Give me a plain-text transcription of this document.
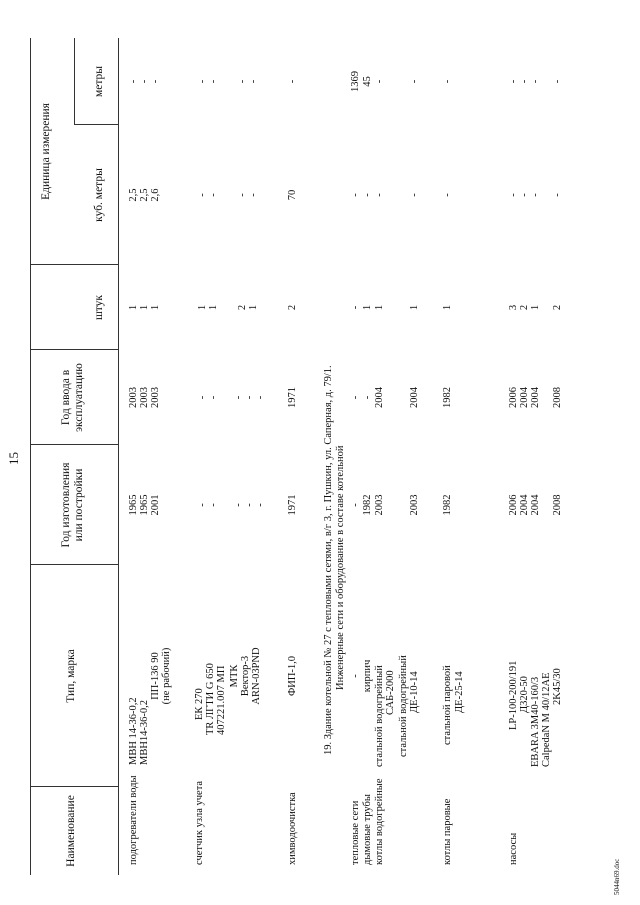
15
Наименование
Тип, марка
Год изготовления или постройки
Год ввода в эксплуатацию
Единица измерения
штук
куб. метры
метры
подогреватели воды
МВН 14-36-0,2 МВН14-36-0,2
ПП-136 90 (не рабочий)
1965 1965 2001
2003 2003 2003
1 1 1
2,5 2,5 2,6
- - -
счетчик узла учета
ЕК 270 TR ЛГТИ G 650 407221.007 МП МТК Вектор-3 ARN-03PND
- - - - -
- - - - -
1 1 2 1
- - - -
- - - -
химводоочистка
ФИП-1,0
1971
1971
2
70
-
19. Здание котельной № 27 с тепловыми сетями, в/г 3, г. Пушкин, ул. Саперная, д. 79/1. Инженерные сети и оборудование в составе котельной
тепловые сети
-
-
-
-
-
1369
дымовые трубы
кирпич
1982
-
1
-
45
котлы водогрейные
стальной водогрейный САБ-2000 стальной водогрейный ДЕ-10-14
2003
2004
1
-
-
2003
2004
1
-
-
котлы паровые
стальной паровой ДЕ-25-14
1982
1982
1
-
-
насосы
LP-100-200/191 Д320-50 EBARA 3M40-160/3 CalpedaN M 40/12AE 2K45/30
2006 2004 2004 2008
2006 2004 2004 2008
3 2 1 2
- - - -
- - - -
5044n69.doc
